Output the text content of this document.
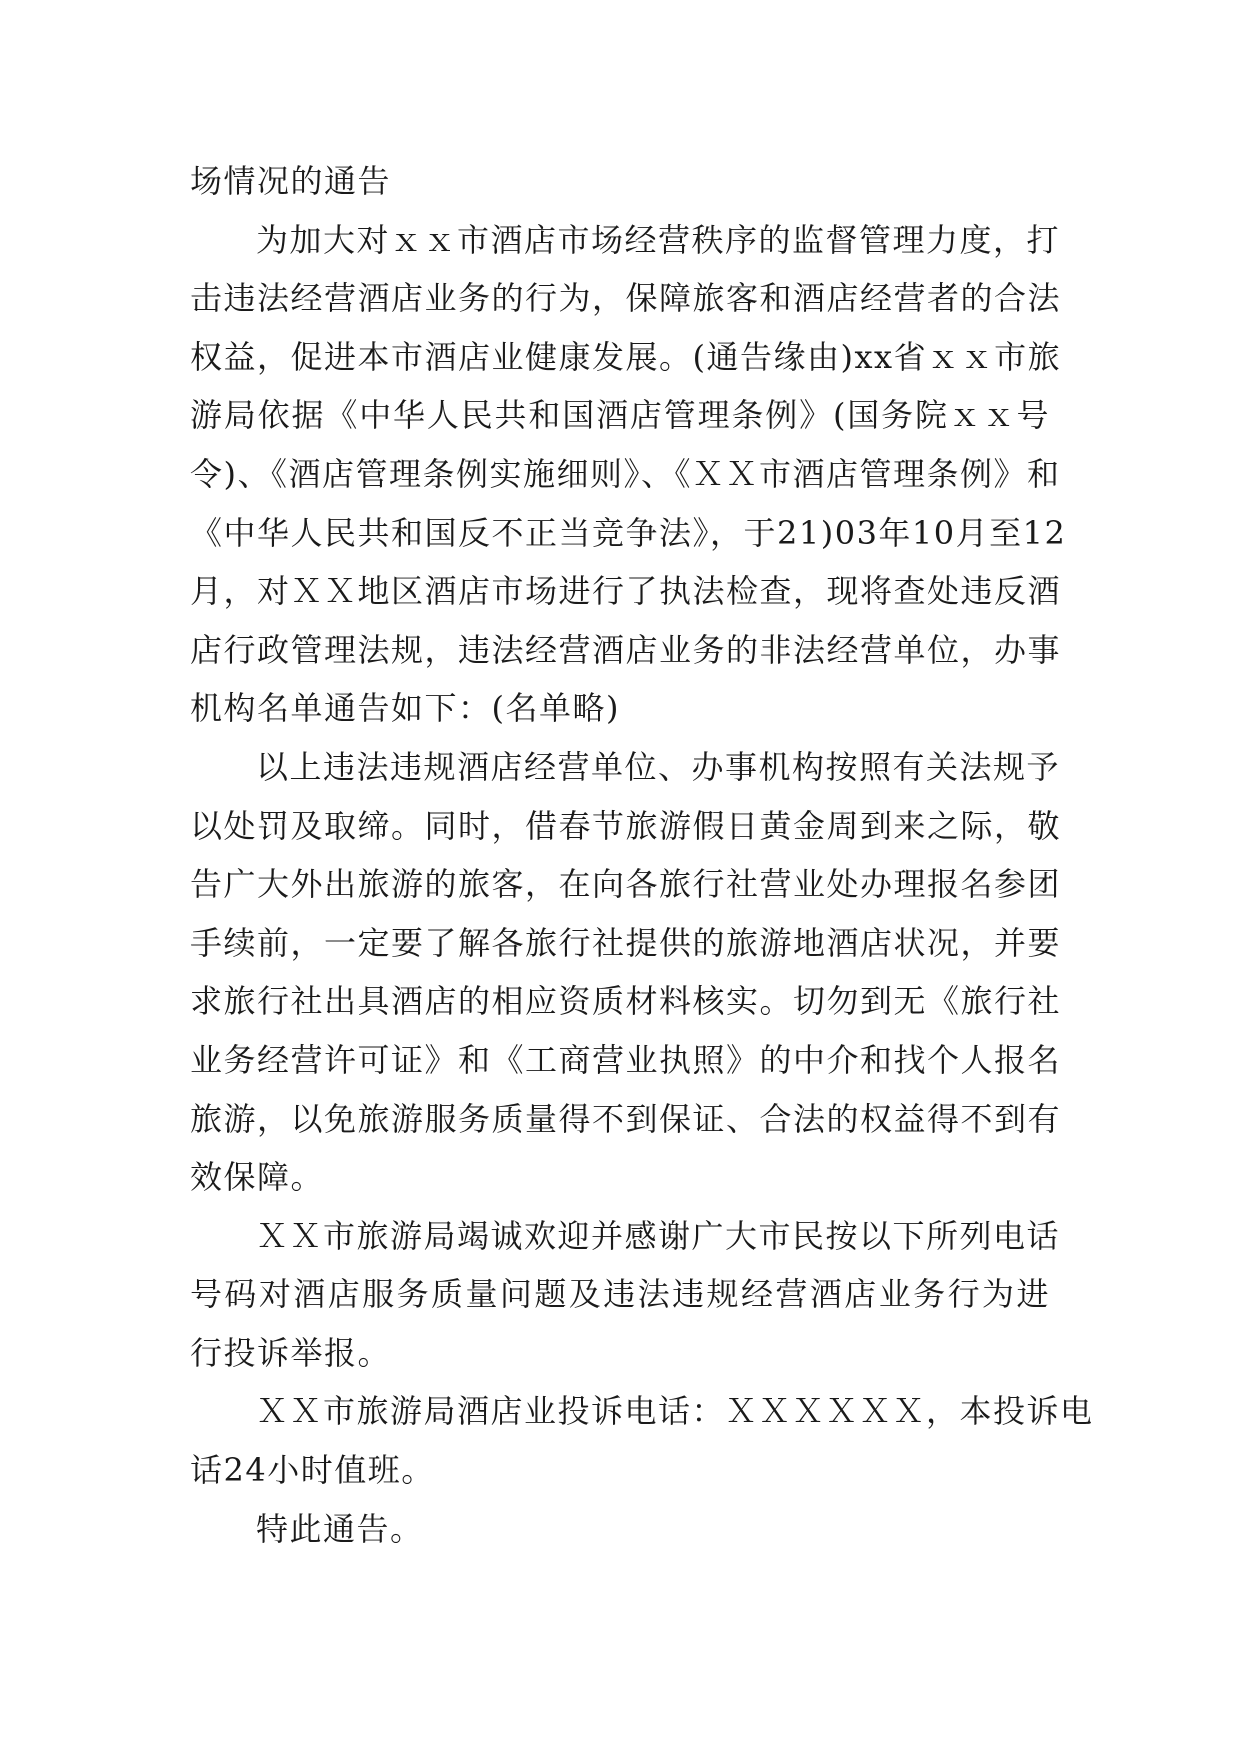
场情况的通告

为加大对ｘｘ市酒店市场经营秩序的监督管理力度，打
击违法经营酒店业务的行为，保障旅客和酒店经营者的合法
权益，促进本市酒店业健康发展。(通告缘由)xx省ｘｘ市旅
游局依据《中华人民共和国酒店管理条例》(国务院ｘｘ号
令)、《酒店管理条例实施细则》、《ＸＸ市酒店管理条例》和
《中华人民共和国反不正当竞争法》，于21)03年10月至12
月，对ＸＸ地区酒店市场进行了执法检查，现将查处违反酒
店行政管理法规，违法经营酒店业务的非法经营单位，办事
机构名单通告如下：(名单略)

以上违法违规酒店经营单位、办事机构按照有关法规予
以处罚及取缔。同时，借春节旅游假日黄金周到来之际，敬
告广大外出旅游的旅客，在向各旅行社营业处办理报名参团
手续前，一定要了解各旅行社提供的旅游地酒店状况，并要
求旅行社出具酒店的相应资质材料核实。切勿到无《旅行社
业务经营许可证》和《工商营业执照》的中介和找个人报名
旅游，以免旅游服务质量得不到保证、合法的权益得不到有
效保障。

ＸＸ市旅游局竭诚欢迎并感谢广大市民按以下所列电话
号码对酒店服务质量问题及违法违规经营酒店业务行为进
行投诉举报。

ＸＸ市旅游局酒店业投诉电话：ＸＸＸＸＸＸ，本投诉电
话24小时值班。

特此通告。
